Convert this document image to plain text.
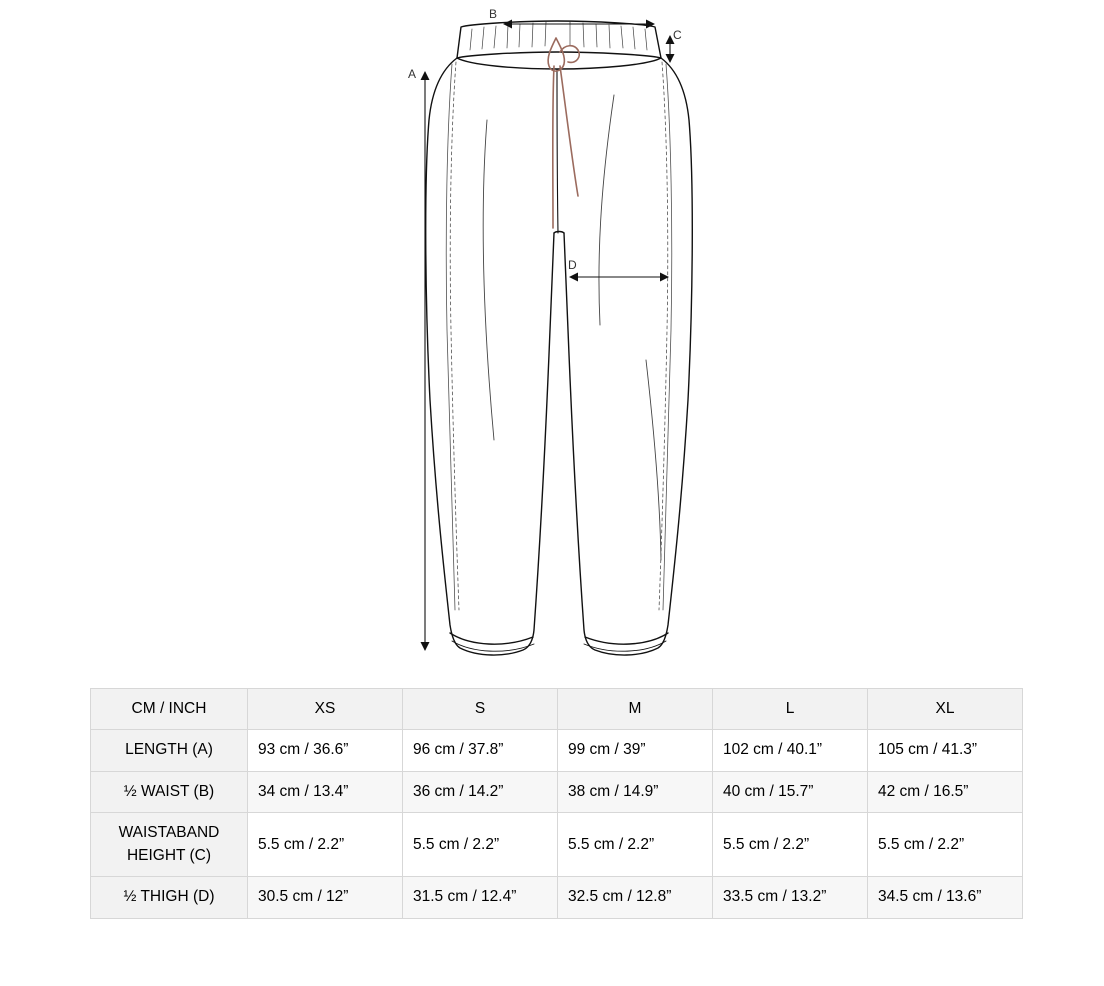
B
C
A
D
CM / INCH	XS	S	M	L	XL
LENGTH (A)	93 cm / 36.6”	96 cm / 37.8”	99 cm / 39”	102 cm / 40.1”	105 cm / 41.3”
½ WAIST (B)	34 cm / 13.4”	36 cm / 14.2”	38 cm / 14.9”	40 cm / 15.7”	42 cm / 16.5”
WAISTABAND HEIGHT (C)	5.5 cm / 2.2”	5.5 cm / 2.2”	5.5 cm / 2.2”	5.5 cm / 2.2”	5.5 cm / 2.2”
½ THIGH (D)	30.5 cm / 12”	31.5 cm / 12.4”	32.5 cm / 12.8”	33.5 cm / 13.2”	34.5 cm / 13.6”
